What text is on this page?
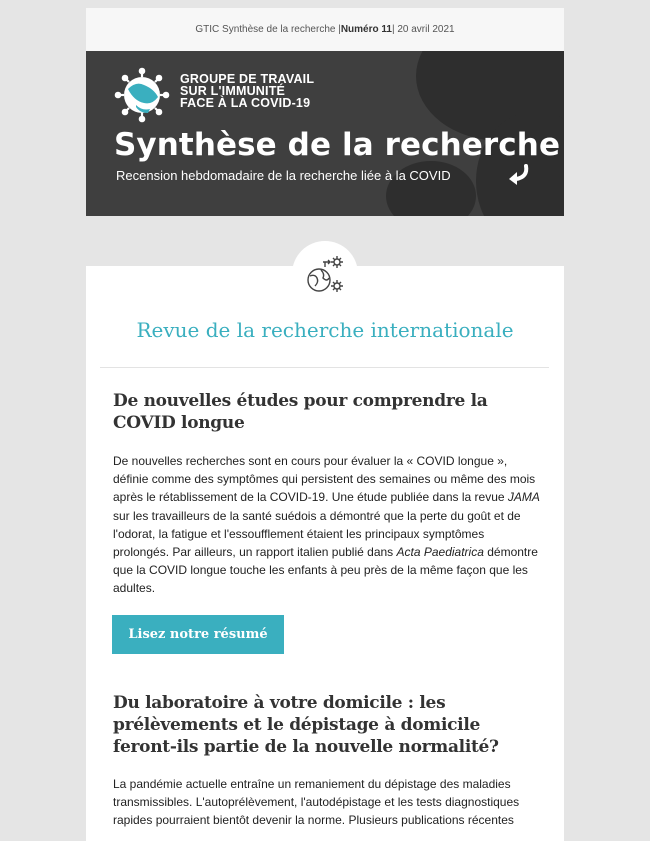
GTIC Synthèse de la recherche | Numéro 11 | 20 avril 2021
GROUPE DE TRAVAIL
SUR L'IMMUNITÉ
FACE À LA COVID-19
Synthèse de la recherche
Recension hebdomadaire de la recherche liée à la COVID
Revue de la recherche internationale
De nouvelles études pour comprendre la COVID longue
De nouvelles recherches sont en cours pour évaluer la « COVID longue », définie comme des symptômes qui persistent des semaines ou même des mois après le rétablissement de la COVID-19. Une étude publiée dans la revue JAMA sur les travailleurs de la santé suédois a démontré que la perte du goût et de l'odorat, la fatigue et l'essoufflement étaient les principaux symptômes prolongés. Par ailleurs, un rapport italien publié dans Acta Paediatrica démontre que la COVID longue touche les enfants à peu près de la même façon que les adultes.
Lisez notre résumé
Du laboratoire à votre domicile : les prélèvements et le dépistage à domicile feront-ils partie de la nouvelle normalité?
La pandémie actuelle entraîne un remaniement du dépistage des maladies transmissibles. L'autoprélèvement, l'autodépistage et les tests diagnostiques rapides pourraient bientôt devenir la norme. Plusieurs publications récentes
